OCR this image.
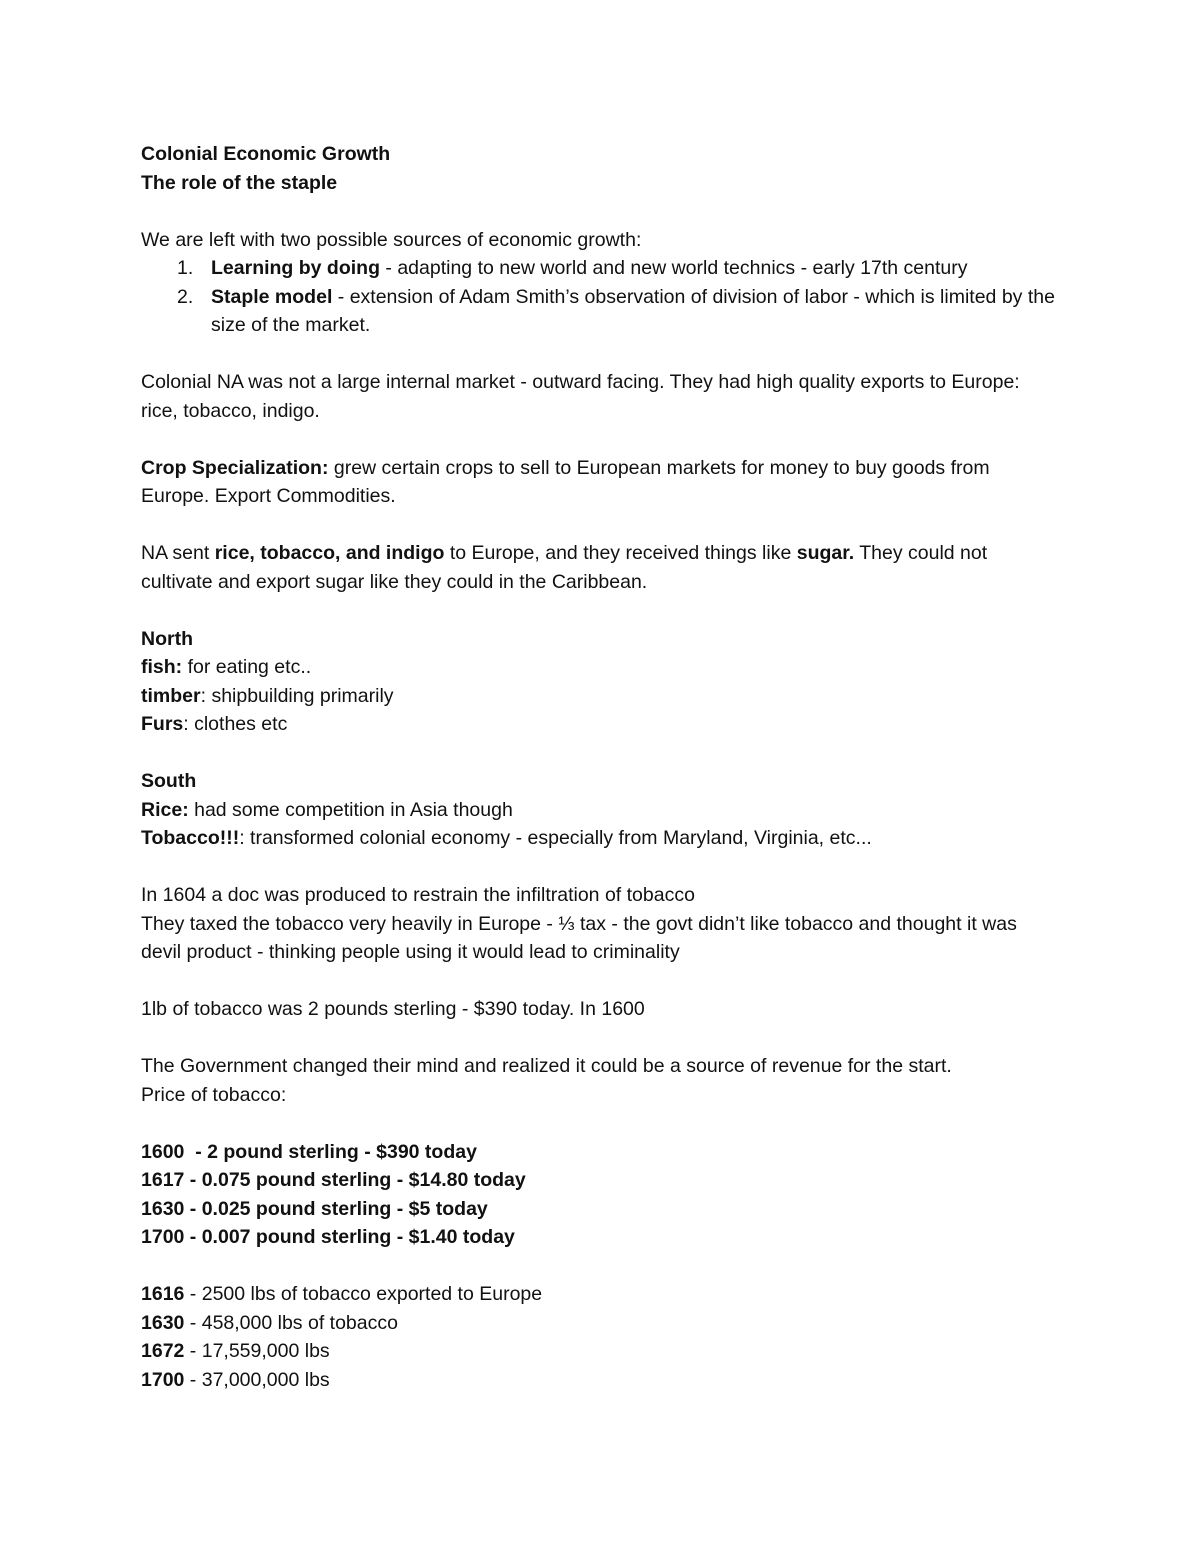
Colonial Economic Growth
The role of the staple
We are left with two possible sources of economic growth:
1. Learning by doing - adapting to new world and new world technics - early 17th century
2. Staple model - extension of Adam Smith’s observation of division of labor - which is limited by the size of the market.
Colonial NA was not a large internal market - outward facing. They had high quality exports to Europe: rice, tobacco, indigo.
Crop Specialization: grew certain crops to sell to European markets for money to buy goods from Europe. Export Commodities.
NA sent rice, tobacco, and indigo to Europe, and they received things like sugar. They could not cultivate and export sugar like they could in the Caribbean.
North
fish: for eating etc..
timber: shipbuilding primarily
Furs: clothes etc
South
Rice: had some competition in Asia though
Tobacco!!!: transformed colonial economy - especially from Maryland, Virginia, etc...
In 1604 a doc was produced to restrain the infiltration of tobacco
They taxed the tobacco very heavily in Europe - ⅓ tax - the govt didn’t like tobacco and thought it was devil product - thinking people using it would lead to criminality
1lb of tobacco was 2 pounds sterling - $390 today. In 1600
The Government changed their mind and realized it could be a source of revenue for the start.
Price of tobacco:
1600  - 2 pound sterling - $390 today
1617 - 0.075 pound sterling - $14.80 today
1630 - 0.025 pound sterling - $5 today
1700 - 0.007 pound sterling - $1.40 today
1616 - 2500 lbs of tobacco exported to Europe
1630 - 458,000 lbs of tobacco
1672 - 17,559,000 lbs
1700 - 37,000,000 lbs
